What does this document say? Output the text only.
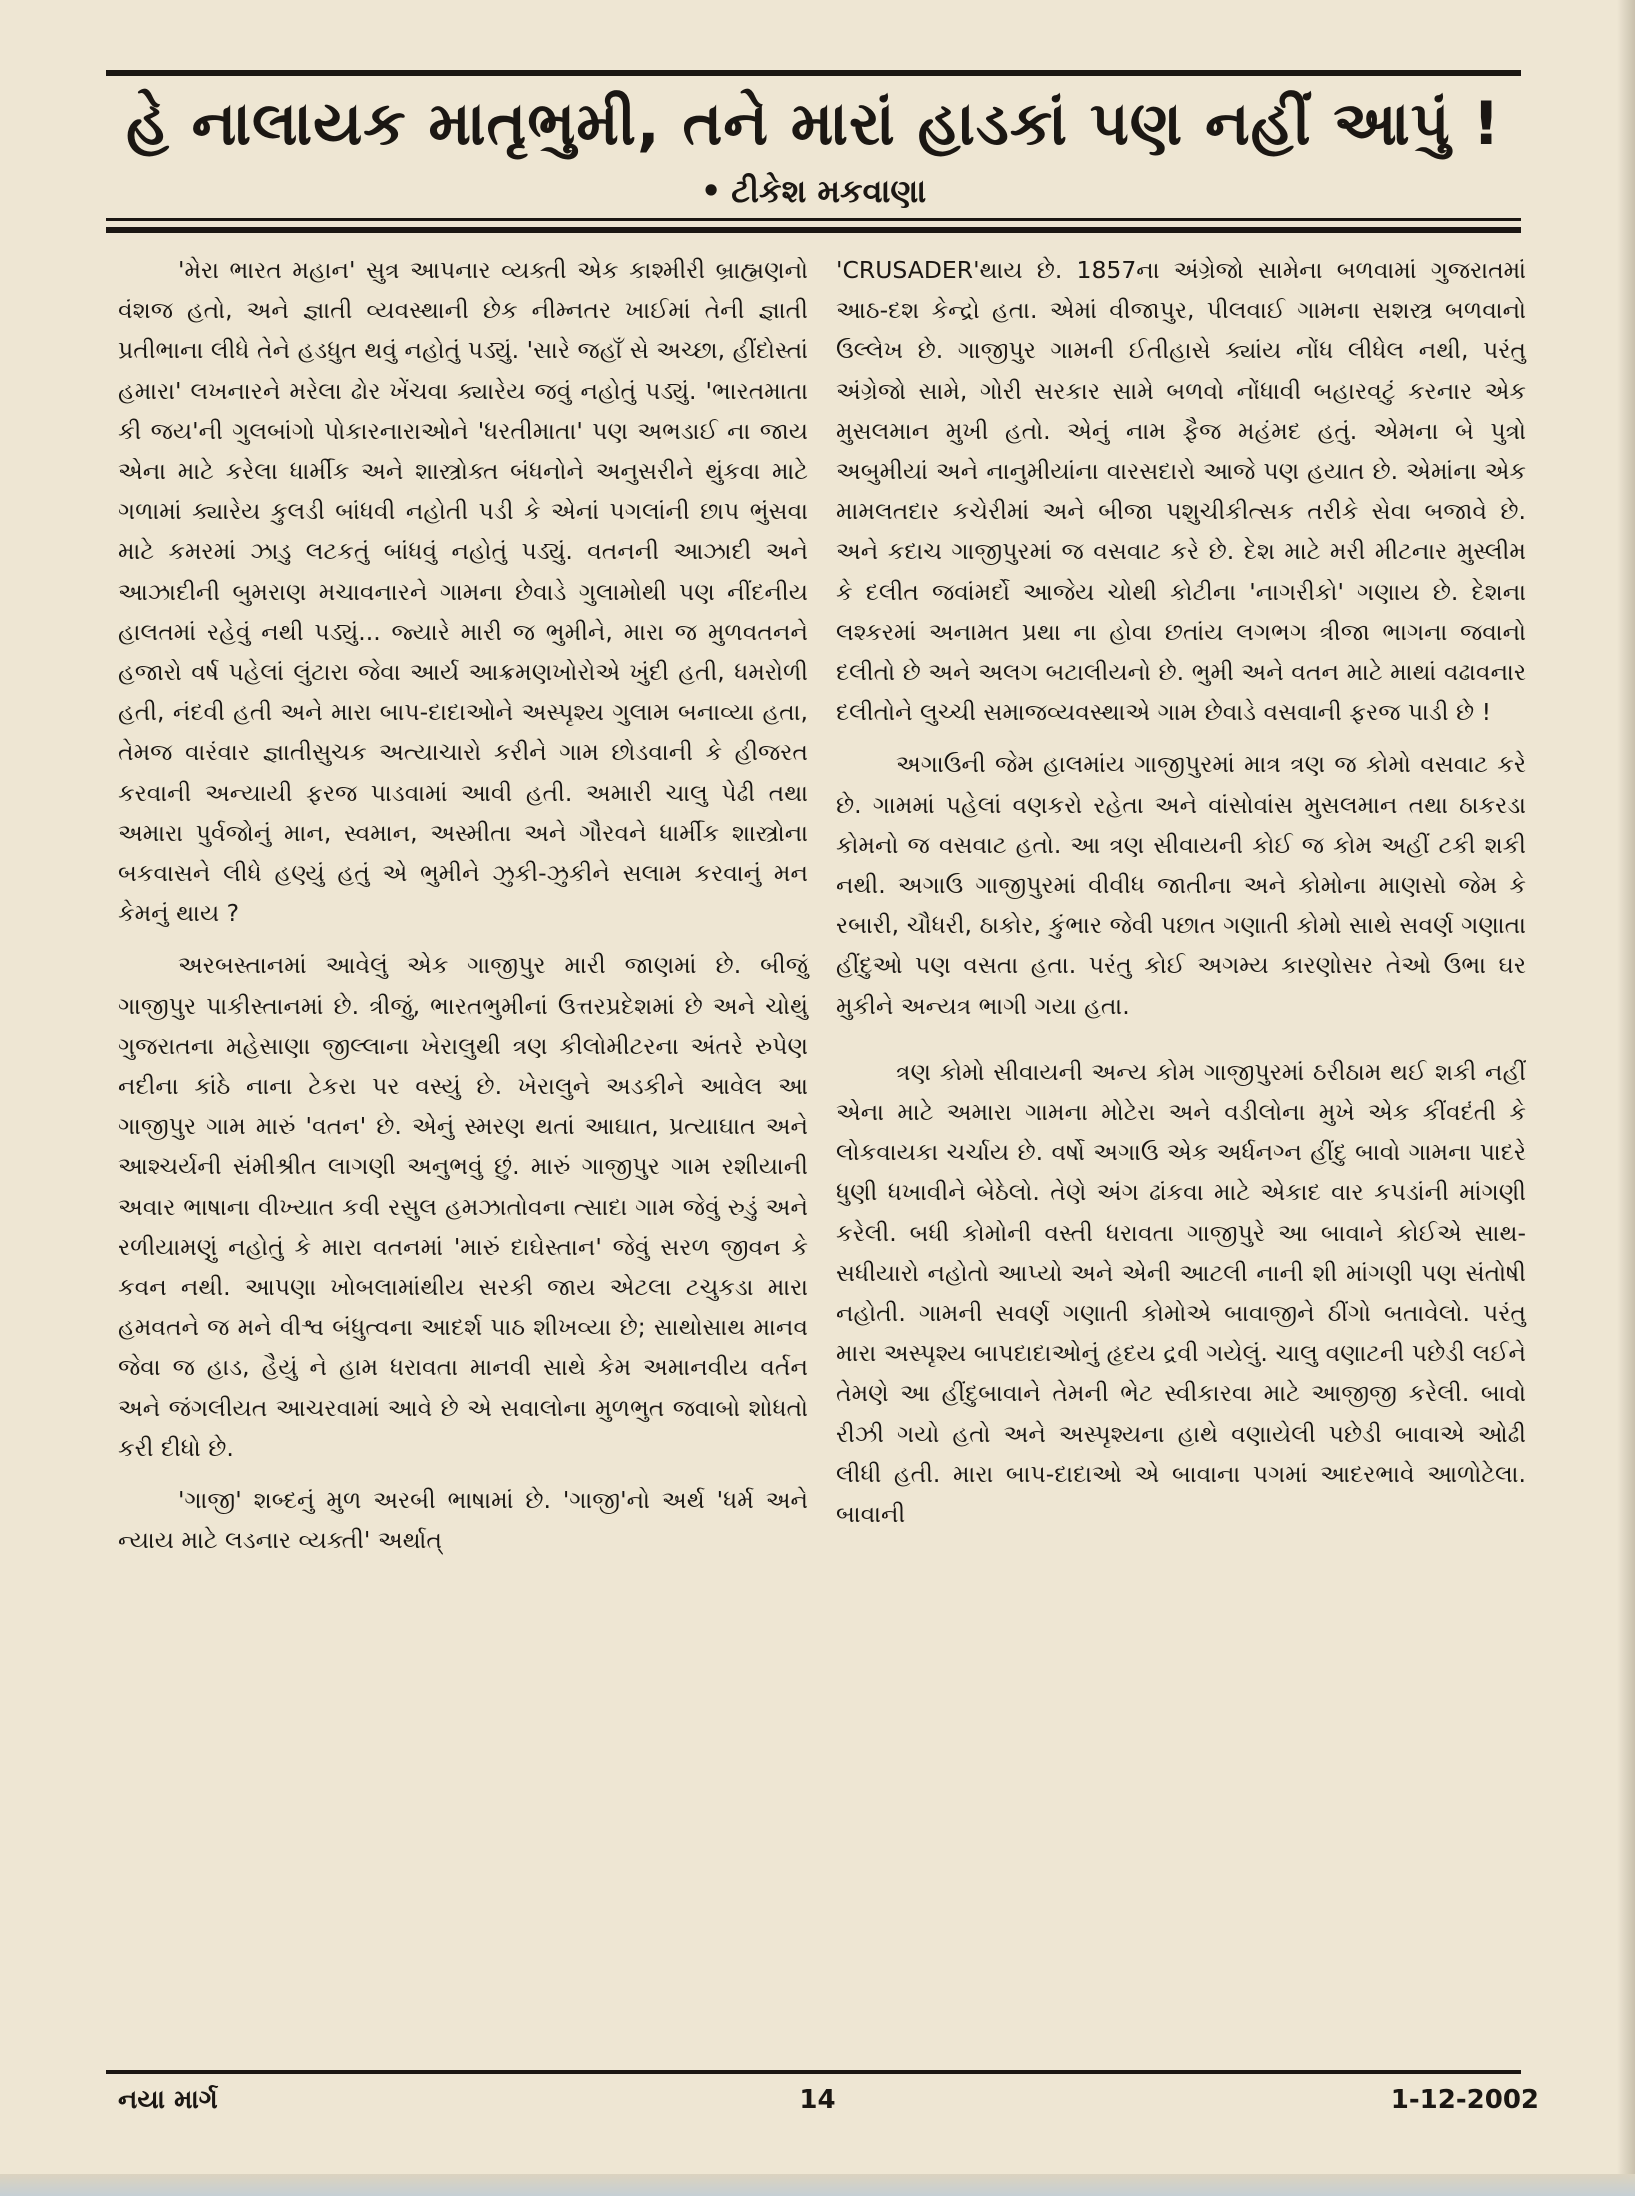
હે નાલાયક માતૃભુમી, તને મારાં હાડકાં પણ નહીં આપું !
• ટીકેશ મકવાણા

'મેરા ભારત મહાન' સુત્ર આપનાર વ્યક્તી એક કાશ્મીરી બ્રાહ્મણનો વંશજ હતો, અને જ્ઞાતી વ્યવસ્થાની છેક નીમ્નતર ખાઈમાં તેની જ્ઞાતી પ્રતીભાના લીધે તેને હડધુત થવું નહોતું પડ્યું. 'સારે જહાઁ સે અચ્છા, હીંદોસ્તાં હમારા' લખનારને મરેલા ઢોર ખેંચવા ક્યારેય જવું નહોતું પડ્યું. 'ભારતમાતા કી જય'ની ગુલબાંગો પોકારનારાઓને 'ધરતીમાતા' પણ અભડાઈ ના જાય એના માટે કરેલા ધાર્મીક અને શાસ્ત્રોક્ત બંધનોને અનુસરીને થુંકવા માટે ગળામાં ક્યારેય કુલડી બાંધવી નહોતી પડી કે એનાં પગલાંની છાપ ભુંસવા માટે કમરમાં ઝાડુ લટકતું બાંધવું નહોતું પડ્યું. વતનની આઝાદી અને આઝાદીની બુમરાણ મચાવનારને ગામના છેવાડે ગુલામોથી પણ નીંદનીય હાલતમાં રહેવું નથી પડ્યું... જ્યારે મારી જ ભુમીને, મારા જ મુળવતનને હજારો વર્ષ પહેલાં લુંટારા જેવા આર્ય આક્રમણખોરોએ ખુંદી હતી, ધમરોળી હતી, નંદવી હતી અને મારા બાપ-દાદાઓને અસ્પૃશ્ય ગુલામ બનાવ્યા હતા, તેમજ વારંવાર જ્ઞાતીસુચક અત્યાચારો કરીને ગામ છોડવાની કે હીજરત કરવાની અન્યાયી ફરજ પાડવામાં આવી હતી. અમારી ચાલુ પેઢી તથા અમારા પુર્વજોનું માન, સ્વમાન, અસ્મીતા અને ગૌરવને ધાર્મીક શાસ્ત્રોના બકવાસને લીધે હણ્યું હતું એ ભુમીને ઝુકી-ઝુકીને સલામ કરવાનું મન કેમનું થાય ?

અરબસ્તાનમાં આવેલું એક ગાજીપુર મારી જાણમાં છે. બીજું ગાજીપુર પાકીસ્તાનમાં છે. ત્રીજું, ભારતભુમીનાં ઉત્તરપ્રદેશમાં છે અને ચોથું ગુજરાતના મહેસાણા જીલ્લાના ખેરાલુથી ત્રણ કીલોમીટરના અંતરે રુપેણ નદીના કાંઠે નાના ટેકરા પર વસ્યું છે. ખેરાલુને અડકીને આવેલ આ ગાજીપુર ગામ મારું 'વતન' છે. એનું સ્મરણ થતાં આઘાત, પ્રત્યાઘાત અને આશ્ચર્યની સંમીશ્રીત લાગણી અનુભવું છું. મારું ગાજીપુર ગામ રશીયાની અવાર ભાષાના વીખ્યાત કવી રસુલ હમઝાતોવના ત્સાદા ગામ જેવું રુડું અને રળીયામણું નહોતું કે મારા વતનમાં 'મારું દાઘેસ્તાન' જેવું સરળ જીવન કે કવન નથી. આપણા ખોબલામાંથીય સરકી જાય એટલા ટચુકડા મારા હમવતને જ મને વીશ્વ બંધુત્વના આદર્શ પાઠ શીખવ્યા છે; સાથોસાથ માનવ જેવા જ હાડ, હૈયું ને હામ ધરાવતા માનવી સાથે કેમ અમાનવીય વર્તન અને જંગલીયત આચરવામાં આવે છે એ સવાલોના મુળભુત જવાબો શોધતો કરી દીધો છે.

'ગાજી' શબ્દનું મુળ અરબી ભાષામાં છે. 'ગાજી'નો અર્થ 'ધર્મ અને ન્યાય માટે લડનાર વ્યક્તી' અર્થાત્

'CRUSADER'થાય છે. 1857ના અંગ્રેજો સામેના બળવામાં ગુજરાતમાં આઠ-દશ કેન્દ્રો હતા. એમાં વીજાપુર, પીલવાઈ ગામના સશસ્ત્ર બળવાનો ઉલ્લેખ છે. ગાજીપુર ગામની ઈતીહાસે ક્યાંય નોંધ લીધેલ નથી, પરંતુ અંગ્રેજો સામે, ગોરી સરકાર સામે બળવો નોંધાવી બહારવટું કરનાર એક મુસલમાન મુખી હતો. એનું નામ ફૈજ મહંમદ હતું. એમના બે પુત્રો અબુમીયાં અને નાનુમીયાંના વારસદારો આજે પણ હયાત છે. એમાંના એક મામલતદાર કચેરીમાં અને બીજા પશુચીકીત્સક તરીકે સેવા બજાવે છે. અને કદાચ ગાજીપુરમાં જ વસવાટ કરે છે. દેશ માટે મરી મીટનાર મુસ્લીમ કે દલીત જવાંમર્દો આજેય ચોથી કોટીના 'નાગરીકો' ગણાય છે. દેશના લશ્કરમાં અનામત પ્રથા ના હોવા છતાંય લગભગ ત્રીજા ભાગના જવાનો દલીતો છે અને અલગ બટાલીયનો છે. ભુમી અને વતન માટે માથાં વઢાવનાર દલીતોને લુચ્ચી સમાજવ્યવસ્થાએ ગામ છેવાડે વસવાની ફરજ પાડી છે !

અગાઉની જેમ હાલમાંય ગાજીપુરમાં માત્ર ત્રણ જ કોમો વસવાટ કરે છે. ગામમાં પહેલાં વણકરો રહેતા અને વાંસોવાંસ મુસલમાન તથા ઠાકરડા કોમનો જ વસવાટ હતો. આ ત્રણ સીવાયની કોઈ જ કોમ અહીં ટકી શકી નથી. અગાઉ ગાજીપુરમાં વીવીધ જાતીના અને કોમોના માણસો જેમ કે રબારી, ચૌધરી, ઠાકોર, કુંભાર જેવી પછાત ગણાતી કોમો સાથે સવર્ણ ગણાતા હીંદુઓ પણ વસતા હતા. પરંતુ કોઈ અગમ્ય કારણોસર તેઓ ઉભા ઘર મુકીને અન્યત્ર ભાગી ગયા હતા.

ત્રણ કોમો સીવાયની અન્ય કોમ ગાજીપુરમાં ઠરીઠામ થઈ શકી નહીં એના માટે અમારા ગામના મોટેરા અને વડીલોના મુખે એક કીંવદંતી કે લોકવાયકા ચર્ચાય છે. વર્ષો અગાઉ એક અર્ધનગ્ન હીંદુ બાવો ગામના પાદરે ધુણી ધખાવીને બેઠેલો. તેણે અંગ ઢાંકવા માટે એકાદ વાર કપડાંની માંગણી કરેલી. બધી કોમોની વસ્તી ધરાવતા ગાજીપુરે આ બાવાને કોઈએ સાથ-સધીયારો નહોતો આપ્યો અને એની આટલી નાની શી માંગણી પણ સંતોષી નહોતી. ગામની સવર્ણ ગણાતી કોમોએ બાવાજીને ઠીંગો બતાવેલો. પરંતુ મારા અસ્પૃશ્ય બાપદાદાઓનું હૃદય દ્રવી ગયેલું. ચાલુ વણાટની પછેડી લઈને તેમણે આ હીંદુબાવાને તેમની ભેટ સ્વીકારવા માટે આજીજી કરેલી. બાવો રીઝી ગયો હતો અને અસ્પૃશ્યના હાથે વણાયેલી પછેડી બાવાએ ઓઢી લીધી હતી. મારા બાપ-દાદાઓ એ બાવાના પગમાં આદરભાવે આળોટેલા. બાવાની

નયા માર્ગ	14	1-12-2002
